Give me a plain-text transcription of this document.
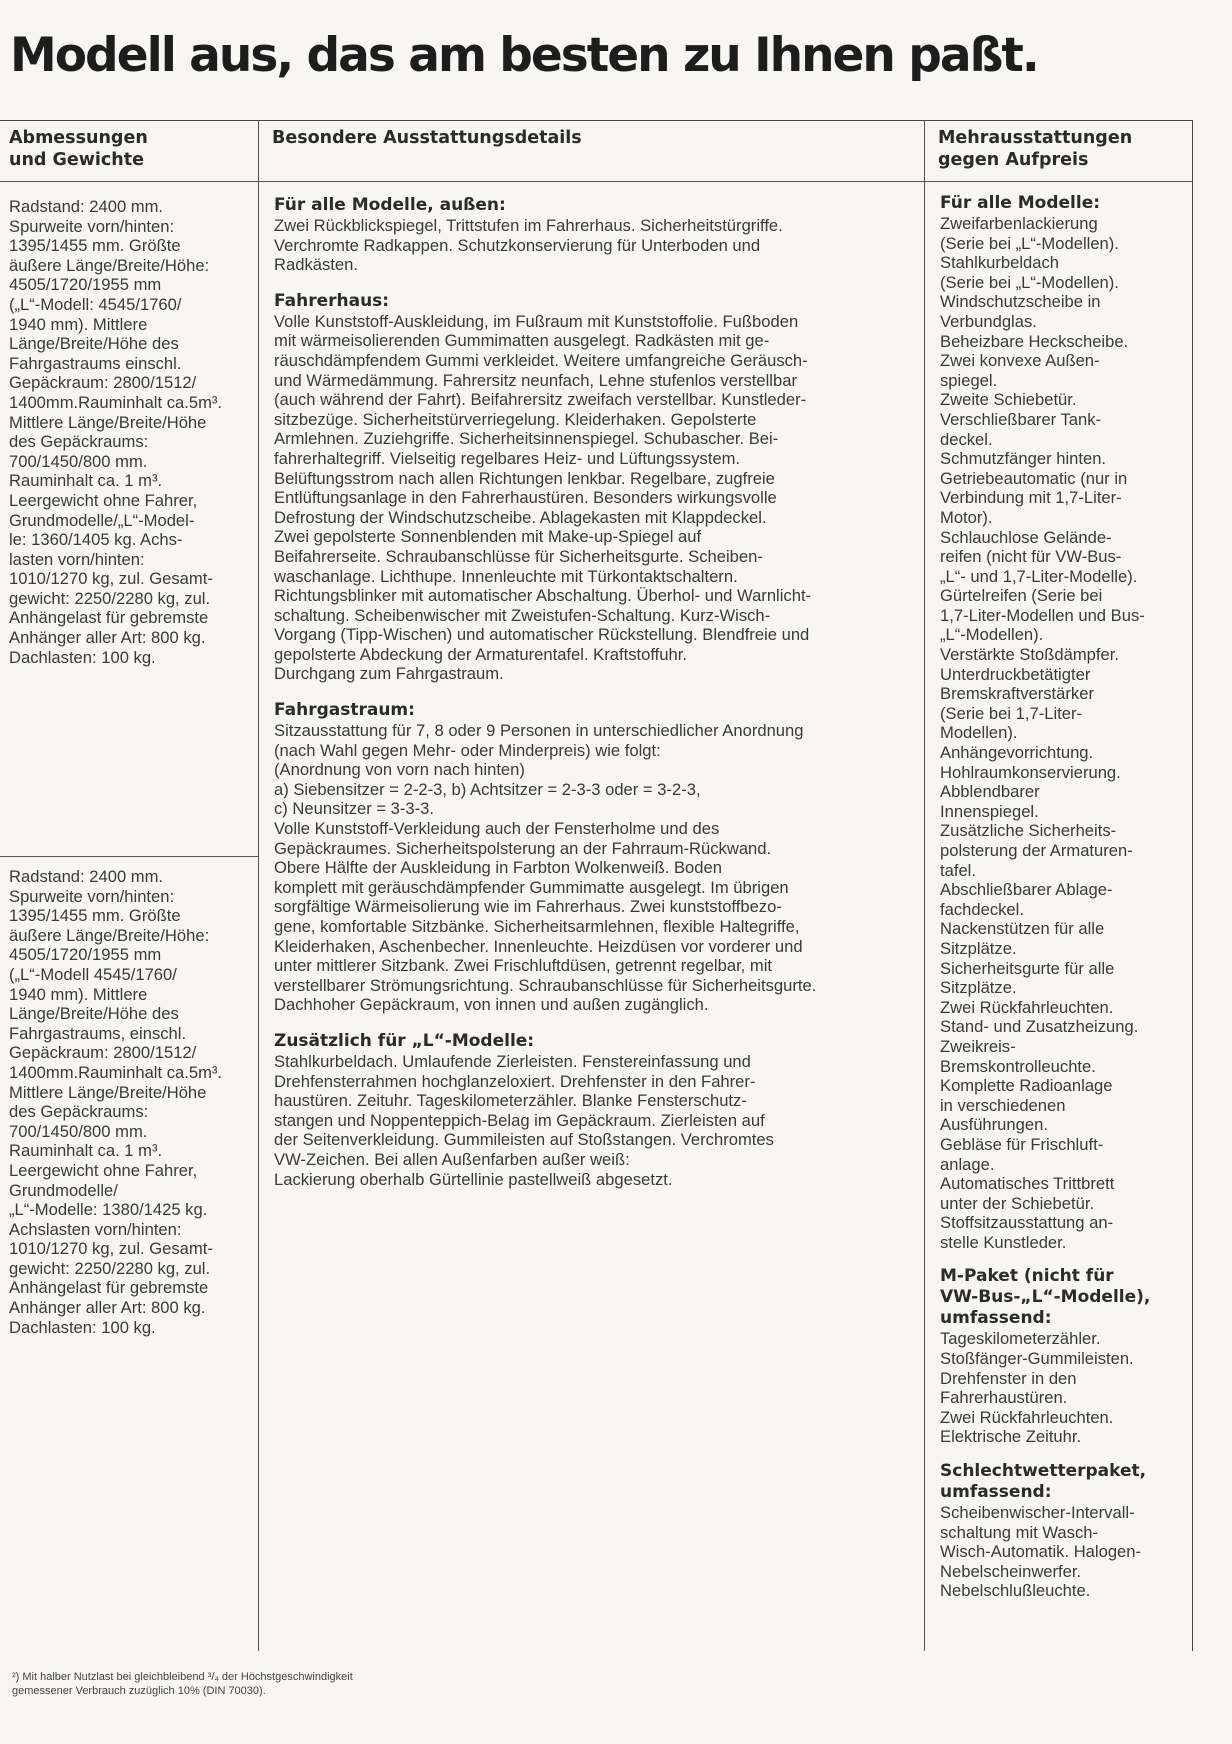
Modell aus, das am besten zu Ihnen paßt.
Abmessungen
und Gewichte
Besondere Ausstattungsdetails	Mehrausstattungen
gegen Aufpreis

Radstand: 2400 mm.
Spurweite vorn/hinten:
1395/1455 mm. Größte
äußere Länge/Breite/Höhe:
4505/1720/1955 mm
(„L“-Modell: 4545/1760/
1940 mm). Mittlere
Länge/Breite/Höhe des
Fahrgastraums einschl.
Gepäckraum: 2800/1512/
1400mm.Rauminhalt ca.5m³.
Mittlere Länge/Breite/Höhe
des Gepäckraums:
700/1450/800 mm.
Rauminhalt ca. 1 m³.
Leergewicht ohne Fahrer,
Grundmodelle/„L“-Model-
le: 1360/1405 kg. Achs-
lasten vorn/hinten:
1010/1270 kg, zul. Gesamt-
gewicht: 2250/2280 kg, zul.
Anhängelast für gebremste
Anhänger aller Art: 800 kg.
Dachlasten: 100 kg.

Radstand: 2400 mm.
Spurweite vorn/hinten:
1395/1455 mm. Größte
äußere Länge/Breite/Höhe:
4505/1720/1955 mm
(„L“-Modell 4545/1760/
1940 mm). Mittlere
Länge/Breite/Höhe des
Fahrgastraums, einschl.
Gepäckraum: 2800/1512/
1400mm.Rauminhalt ca.5m³.
Mittlere Länge/Breite/Höhe
des Gepäckraums:
700/1450/800 mm.
Rauminhalt ca. 1 m³.
Leergewicht ohne Fahrer,
Grundmodelle/
„L“-Modelle: 1380/1425 kg.
Achslasten vorn/hinten:
1010/1270 kg, zul. Gesamt-
gewicht: 2250/2280 kg, zul.
Anhängelast für gebremste
Anhänger aller Art: 800 kg.
Dachlasten: 100 kg.

Für alle Modelle, außen:

Zwei Rückblickspiegel, Trittstufen im Fahrerhaus. Sicherheitstürgriffe.
Verchromte Radkappen. Schutzkonservierung für Unterboden und
Radkästen.

Fahrerhaus:

Volle Kunststoff-Auskleidung, im Fußraum mit Kunststoffolie. Fußboden
mit wärmeisolierenden Gummimatten ausgelegt. Radkästen mit ge-
räuschdämpfendem Gummi verkleidet. Weitere umfangreiche Geräusch-
und Wärmedämmung. Fahrersitz neunfach, Lehne stufenlos verstellbar
(auch während der Fahrt). Beifahrersitz zweifach verstellbar. Kunstleder-
sitzbezüge. Sicherheitstürverriegelung. Kleiderhaken. Gepolsterte
Armlehnen. Zuziehgriffe. Sicherheitsinnenspiegel. Schubascher. Bei-
fahrerhaltegriff. Vielseitig regelbares Heiz- und Lüftungssystem.
Belüftungsstrom nach allen Richtungen lenkbar. Regelbare, zugfreie
Entlüftungsanlage in den Fahrerhaustüren. Besonders wirkungsvolle
Defrostung der Windschutzscheibe. Ablagekasten mit Klappdeckel.
Zwei gepolsterte Sonnenblenden mit Make-up-Spiegel auf
Beifahrerseite. Schraubanschlüsse für Sicherheitsgurte. Scheiben-
waschanlage. Lichthupe. Innenleuchte mit Türkontaktschaltern.
Richtungsblinker mit automatischer Abschaltung. Überhol- und Warnlicht-
schaltung. Scheibenwischer mit Zweistufen-Schaltung. Kurz-Wisch-
Vorgang (Tipp-Wischen) und automatischer Rückstellung. Blendfreie und
gepolsterte Abdeckung der Armaturentafel. Kraftstoffuhr.
Durchgang zum Fahrgastraum.

Fahrgastraum:

Sitzausstattung für 7, 8 oder 9 Personen in unterschiedlicher Anordnung
(nach Wahl gegen Mehr- oder Minderpreis) wie folgt:
(Anordnung von vorn nach hinten)
a) Siebensitzer = 2-2-3, b) Achtsitzer = 2-3-3 oder = 3-2-3,
c) Neunsitzer = 3-3-3.
Volle Kunststoff-Verkleidung auch der Fensterholme und des
Gepäckraumes. Sicherheitspolsterung an der Fahrraum-Rückwand.
Obere Hälfte der Auskleidung in Farbton Wolkenweiß. Boden
komplett mit geräuschdämpfender Gummimatte ausgelegt. Im übrigen
sorgfältige Wärmeisolierung wie im Fahrerhaus. Zwei kunststoffbezo-
gene, komfortable Sitzbänke. Sicherheitsarmlehnen, flexible Haltegriffe,
Kleiderhaken, Aschenbecher. Innenleuchte. Heizdüsen vor vorderer und
unter mittlerer Sitzbank. Zwei Frischluftdüsen, getrennt regelbar, mit
verstellbarer Strömungsrichtung. Schraubanschlüsse für Sicherheitsgurte.
Dachhoher Gepäckraum, von innen und außen zugänglich.

Zusätzlich für „L“-Modelle:

Stahlkurbeldach. Umlaufende Zierleisten. Fenstereinfassung und
Drehfensterrahmen hochglanzeloxiert. Drehfenster in den Fahrer-
haustüren. Zeituhr. Tageskilometerzähler. Blanke Fensterschutz-
stangen und Noppenteppich-Belag im Gepäckraum. Zierleisten auf
der Seitenverkleidung. Gummileisten auf Stoßstangen. Verchromtes
VW-Zeichen. Bei allen Außenfarben außer weiß:
Lackierung oberhalb Gürtellinie pastellweiß abgesetzt.

Für alle Modelle:

Zweifarbenlackierung
(Serie bei „L“-Modellen).
Stahlkurbeldach
(Serie bei „L“-Modellen).
Windschutzscheibe in
Verbundglas.
Beheizbare Heckscheibe.
Zwei konvexe Außen-
spiegel.
Zweite Schiebetür.
Verschließbarer Tank-
deckel.
Schmutzfänger hinten.
Getriebeautomatic (nur in
Verbindung mit 1,7-Liter-
Motor).
Schlauchlose Gelände-
reifen (nicht für VW-Bus-
„L“- und 1,7-Liter-Modelle).
Gürtelreifen (Serie bei
1,7-Liter-Modellen und Bus-
„L“-Modellen).
Verstärkte Stoßdämpfer.
Unterdruckbetätigter
Bremskraftverstärker
(Serie bei 1,7-Liter-
Modellen).
Anhängevorrichtung.
Hohlraumkonservierung.
Abblendbarer
Innenspiegel.
Zusätzliche Sicherheits-
polsterung der Armaturen-
tafel.
Abschließbarer Ablage-
fachdeckel.
Nackenstützen für alle
Sitzplätze.
Sicherheitsgurte für alle
Sitzplätze.
Zwei Rückfahrleuchten.
Stand- und Zusatzheizung.
Zweikreis-
Bremskontrolleuchte.
Komplette Radioanlage
in verschiedenen
Ausführungen.
Gebläse für Frischluft-
anlage.
Automatisches Trittbrett
unter der Schiebetür.
Stoffsitzausstattung an-
stelle Kunstleder.

M-Paket (nicht für
VW-Bus-„L“-Modelle),
umfassend:

Tageskilometerzähler.
Stoßfänger-Gummileisten.
Drehfenster in den
Fahrerhaustüren.
Zwei Rückfahrleuchten.
Elektrische Zeituhr.

Schlechtwetterpaket,
umfassend:

Scheibenwischer-Intervall-
schaltung mit Wasch-
Wisch-Automatik. Halogen-
Nebelscheinwerfer.
Nebelschlußleuchte.

²) Mit halber Nutzlast bei gleichbleibend ³/₄ der Höchstgeschwindigkeit
gemessener Verbrauch zuzüglich 10% (DIN 70030).
